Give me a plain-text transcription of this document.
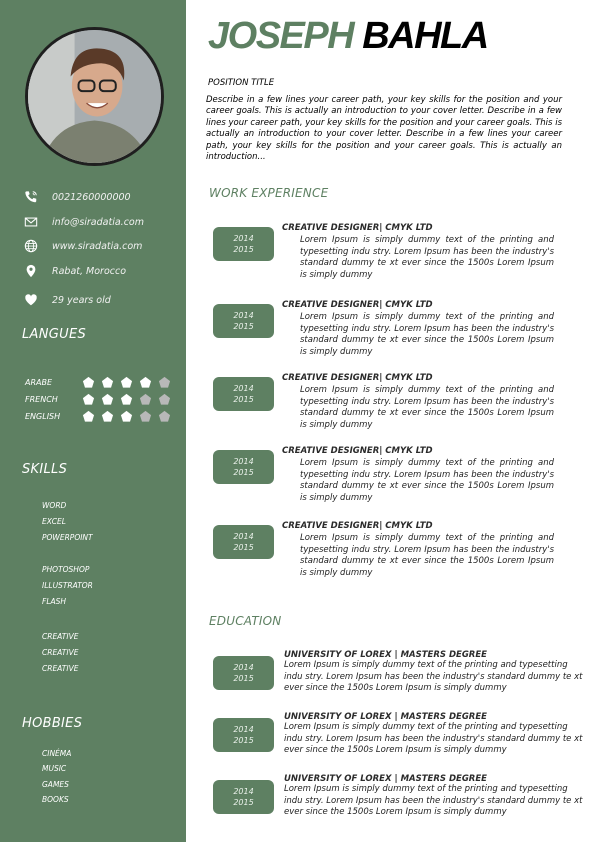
0021260000000⁠
info@siradatia.com
www.siradatia.com
Rabat, Morocco
29 years old
LANGUES
ARABE
FRENCH
ENGLISH
SKILLS
WORD
EXCEL
POWERPOINT
PHOTOSHOP
ILLUSTRATOR
FLASH
CREATIVE
CREATIVE
CREATIVE
HOBBIES
CINÉMA
MUSIC
GAMES
BOOKS
JOSEPH BAHLA
POSITION TITLE
Describe in a few lines your career path, your key skills for the position and your career goals. This is actually an introduction to your cover letter. Describe in a few lines your career path, your key skills for the position and your career goals. This is actually an introduction to your cover letter. Describe in a few lines your career path, your key skills for the position and your career goals. This is actually an introduction...
WORK EXPERIENCE
2014
2015
CREATIVE DESIGNER| CMYK LTD
Lorem Ipsum is simply dummy text of the printing and typesetting indu stry. Lorem Ipsum has been the industry's standard dummy te xt ever since the 1500s Lorem Ipsum is simply dummy
2014
2015
CREATIVE DESIGNER| CMYK LTD
Lorem Ipsum is simply dummy text of the printing and typesetting indu stry. Lorem Ipsum has been the industry's standard dummy te xt ever since the 1500s Lorem Ipsum is simply dummy
2014
2015
CREATIVE DESIGNER| CMYK LTD
Lorem Ipsum is simply dummy text of the printing and typesetting indu stry. Lorem Ipsum has been the industry's standard dummy te xt ever since the 1500s Lorem Ipsum is simply dummy
2014
2015
CREATIVE DESIGNER| CMYK LTD
Lorem Ipsum is simply dummy text of the printing and typesetting indu stry. Lorem Ipsum has been the industry's standard dummy te xt ever since the 1500s Lorem Ipsum is simply dummy
2014
2015
CREATIVE DESIGNER| CMYK LTD
Lorem Ipsum is simply dummy text of the printing and typesetting indu stry. Lorem Ipsum has been the industry's standard dummy te xt ever since the 1500s Lorem Ipsum is simply dummy
EDUCATION
2014
2015
UNIVERSITY OF LOREX | MASTERS DEGREE
Lorem Ipsum is simply dummy text of the printing and typesetting indu stry. Lorem Ipsum has been the industry's standard dummy te xt ever since the 1500s Lorem Ipsum is simply dummy
2014
2015
UNIVERSITY OF LOREX | MASTERS DEGREE
Lorem Ipsum is simply dummy text of the printing and typesetting indu stry. Lorem Ipsum has been the industry's standard dummy te xt ever since the 1500s Lorem Ipsum is simply dummy
2014
2015
UNIVERSITY OF LOREX | MASTERS DEGREE
Lorem Ipsum is simply dummy text of the printing and typesetting indu stry. Lorem Ipsum has been the industry's standard dummy te xt ever since the 1500s Lorem Ipsum is simply dummy
